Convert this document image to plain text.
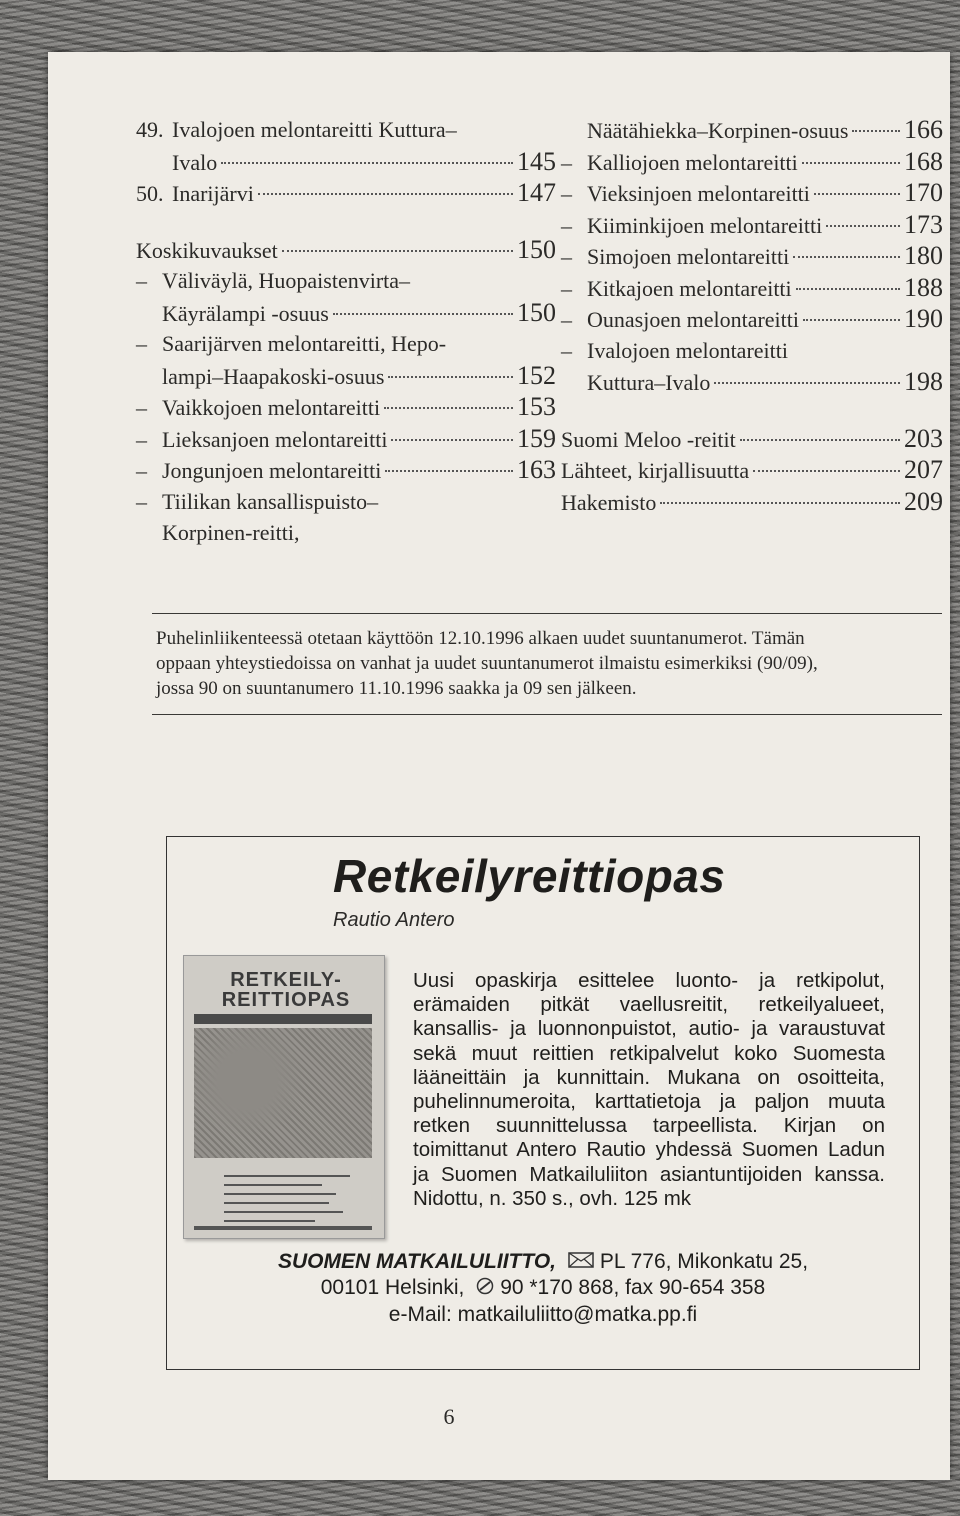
49. Ivalojoen melontareitti Kuttura–
Ivalo	145
50. Inarijärvi	147
Koskikuvaukset	150
– Väliväylä, Huopaistenvirta–
Käyrälampi -osuus	150
– Saarijärven melontareitti, Hepo-
lampi–Haapakoski-osuus	152
– Vaikkojoen melontareitti	153
– Lieksanjoen melontareitti	159
– Jongunjoen melontareitti	163
– Tiilikan kansallispuisto–
Korpinen-reitti,
Näätähiekka–Korpinen-osuus 166
– Kalliojoen melontareitti	168
– Vieksinjoen melontareitti	170
– Kiiminkijoen melontareitti	173
– Simojoen melontareitti	180
– Kitkajoen melontareitti	188
– Ounasjoen melontareitti	190
– Ivalojoen melontareitti
Kuttura–Ivalo	198
Suomi Meloo -reitit	203
Lähteet, kirjallisuutta	207
Hakemisto	209
Puhelinliikenteessä otetaan käyttöön 12.10.1996 alkaen uudet suuntanumerot. Tämän
oppaan yhteystiedoissa on vanhat ja uudet suuntanumerot ilmaistu esimerkiksi (90/09),
jossa 90 on suuntanumero 11.10.1996 saakka ja 09 sen jälkeen.
Retkeilyreittiopas
Rautio Antero
RETKEILY-
REITTIOPAS
Uusi opaskirja esittelee luonto- ja retkipolut, erämaiden pitkät vaellusreitit, retkeilyalueet, kansallis- ja luonnonpuistot, autio- ja varaustuvat sekä muut reittien retkipalvelut koko Suomesta lääneittäin ja kunnittain. Mukana on osoitteita, puhelinnumeroita, karttatietoja ja paljon muuta retken suunnittelussa tarpeellista. Kirjan on toimittanut Antero Rautio yhdessä Suomen Ladun ja Suomen Matkailuliiton asiantuntijoiden kanssa. Nidottu, n. 350 s., ovh. 125 mk
SUOMEN MATKAILULIITTO, PL 776, Mikonkatu 25,
00101 Helsinki, 90 *170 868, fax 90-654 358
e-Mail: matkailuliitto@matka.pp.fi
6
